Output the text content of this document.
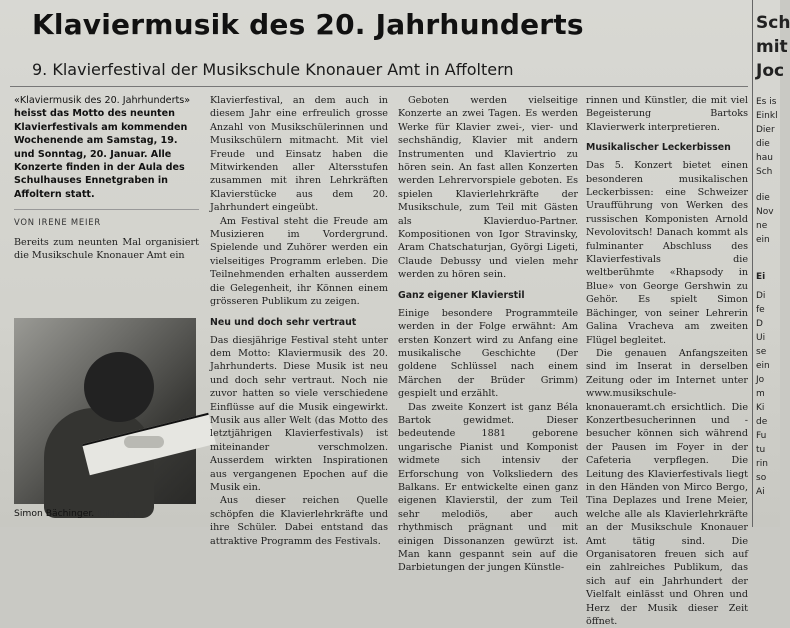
Klaviermusik des 20. Jahrhunderts
9. Klavierfestival der Musikschule Knonauer Amt in Affoltern
«Klaviermusik des 20. Jahrhunderts» heisst das Motto des neunten Klavierfestivals am kommenden Wochenende am Samstag, 19. und Sonntag, 20. Januar. Alle Konzerte finden in der Aula des Schulhauses Ennetgraben in Affoltern statt.
VON IRENE MEIER

Bereits zum neunten Mal organisiert die Musikschule Knonauer Amt ein

Simon Bächinger. (Bild zvg.)

Klavierfestival, an dem auch in diesem Jahr eine erfreulich grosse Anzahl von Musikschülerinnen und Musikschülern mitmacht. Mit viel Freude und Einsatz haben die Mitwirkenden aller Altersstufen zusammen mit ihren Lehrkräften Klavierstücke aus dem 20. Jahrhundert eingeübt.

Am Festival steht die Freude am Musizieren im Vordergrund. Spielende und Zuhörer werden ein vielseitiges Programm erleben. Die Teilnehmenden erhalten ausserdem die Gelegenheit, ihr Können einem grösseren Publikum zu zeigen.

Neu und doch sehr vertraut

Das diesjährige Festival steht unter dem Motto: Klaviermusik des 20. Jahrhunderts. Diese Musik ist neu und doch sehr vertraut. Noch nie zuvor hatten so viele verschiedene Einflüsse auf die Musik eingewirkt. Musik aus aller Welt (das Motto des letztjährigen Klavierfestivals) ist miteinander verschmolzen. Ausserdem wirkten Inspirationen aus vergangenen Epochen auf die Musik ein.

Aus dieser reichen Quelle schöpfen die Klavierlehrkräfte und ihre Schüler. Dabei entstand das attraktive Programm des Festivals.

Geboten werden vielseitige Konzerte an zwei Tagen. Es werden Werke für Klavier zwei-, vier- und sechshändig, Klavier mit andern Instrumenten und Klaviertrio zu hören sein. An fast allen Konzerten werden Lehrervorspiele geboten. Es spielen Klavierlehrkräfte der Musikschule, zum Teil mit Gästen als Klavierduo-Partner. Kompositionen von Igor Stravinsky, Aram Chatschaturjan, Györgi Ligeti, Claude Debussy und vielen mehr werden zu hören sein.

Ganz eigener Klavierstil

Einige besondere Programmteile werden in der Folge erwähnt: Am ersten Konzert wird zu Anfang eine musikalische Geschichte (Der goldene Schlüssel nach einem Märchen der Brüder Grimm) gespielt und erzählt.

Das zweite Konzert ist ganz Béla Bartok gewidmet. Dieser bedeutende 1881 geborene ungarische Pianist und Komponist widmete sich intensiv der Erforschung von Volksliedern des Balkans. Er entwickelte einen ganz eigenen Klavierstil, der zum Teil sehr melodiös, aber auch rhythmisch prägnant und mit einigen Dissonanzen gewürzt ist. Man kann gespannt sein auf die Darbietungen der jungen Künstle-

rinnen und Künstler, die mit viel Begeisterung Bartoks Klavierwerk interpretieren.

Musikalischer Leckerbissen

Das 5. Konzert bietet einen besonderen musikalischen Leckerbissen: eine Schweizer Uraufführung von Werken des russischen Komponisten Arnold Nevolovitsch! Danach kommt als fulminanter Abschluss des Klavierfestivals die weltberühmte «Rhapsody in Blue» von George Gershwin zu Gehör. Es spielt Simon Bächinger, von seiner Lehrerin Galina Vracheva am zweiten Flügel begleitet.

Die genauen Anfangszeiten sind im Inserat in derselben Zeitung oder im Internet unter www.musikschule-knonaueramt.ch ersichtlich. Die Konzertbesucherinnen und -besucher können sich während der Pausen im Foyer in der Cafeteria verpflegen. Die Leitung des Klavierfestivals liegt in den Händen von Mirco Bergo, Tina Deplazes und Irene Meier, welche alle als Klavierlehrkräfte an der Musikschule Knonauer Amt tätig sind. Die Organisatoren freuen sich auf ein zahlreiches Publikum, das sich auf ein Jahrhundert der Vielfalt einlässt und Ohren und Herz der Musik dieser Zeit öffnet.

Sch
mit
Joc
Es is
Einkl
Dier
die
hau
Sch
die
Nov
ne
ein
Ei
Di
fe
D
Ui
se
ein
Jo
m
Ki
de
Fu
tu
rin
so
Ai
